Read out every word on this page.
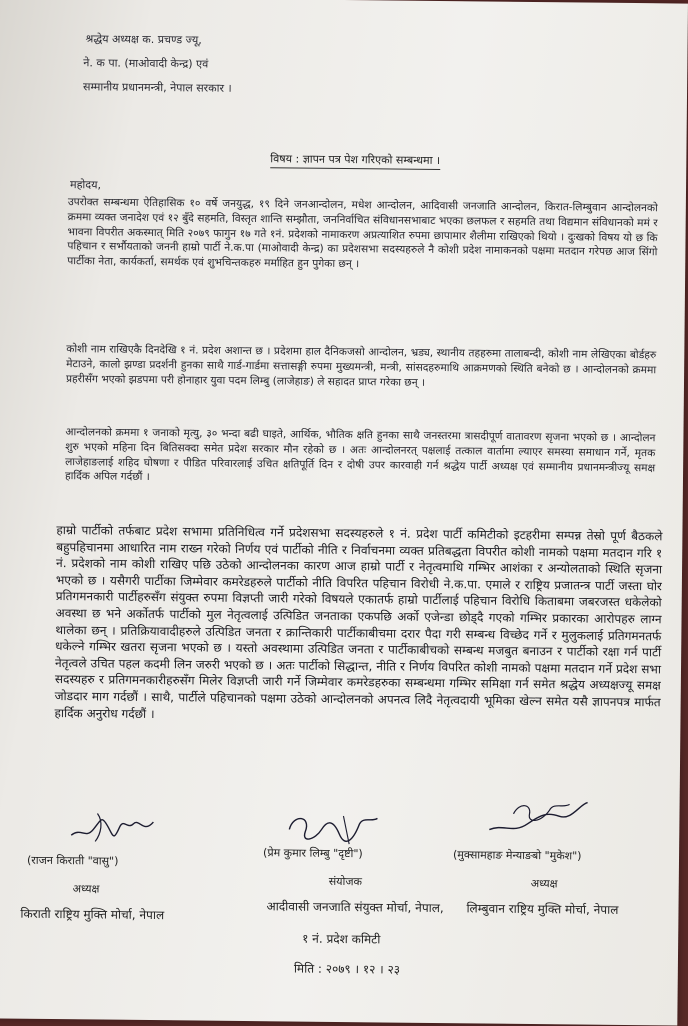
श्रद्धेय अध्यक्ष क. प्रचण्ड ज्यू,
ने. क पा. (माओवादी केन्द्र) एवं
सम्मानीय प्रधानमन्त्री, नेपाल सरकार ।
विषय : ज्ञापन पत्र पेश गरिएको सम्बन्धमा ।
महोदय,
उपरोक्त सम्बन्धमा ऐतिहासिक १० वर्षे जनयुद्ध, १९ दिने जनआन्दोलन, मधेश आन्दोलन, आदिवासी जनजाति आन्दोलन, किरात-लिम्बुवान आन्दोलनको क्रममा व्यक्त जनादेश एवं १२ बुँदे सहमति, विस्तृत शान्ति सम्झौता, जननिर्वाचित संविधानसभाबाट भएका छलफल र सहमति तथा विद्यमान संविधानको ममं र भावना विपरीत अकस्मात्‌ मिति २०७९ फागुन १७ गते १नं. प्रदेशको नामाकरण अप्रत्याशित रुपमा छापामार शैलीमा राखिएको थियो । दुःखको विषय यो छ कि पहिचान र सर्भौयताको जननी हाम्रो पार्टी ने.क.पा (माओवादी केन्द्र) का प्रदेशसभा सदस्यहरुले नै कोशी प्रदेश नामाकनको पक्षमा मतदान गरेपछ आज सिंगो पार्टीका नेता, कार्यकर्ता, समर्थक एवं शुभचिन्तकहरु मर्माहित हुन पुगेका छन् ।
कोशी नाम राखिएकै दिनदेखि १ नं. प्रदेश अशान्त छ । प्रदेशमा हाल दैनिकजसो आन्दोलन, भ्रड्य, स्थानीय तहहरुमा तालाबन्दी, कोशी नाम लेखिएका बोर्डहरु मेटाउने, कालो झण्डा प्रदर्शनी हुनका साथै गार्ड-गार्डमा सत्तासङ्गी रुपमा मुख्यमन्त्री, मन्त्री, सांसदहरुमाथि आक्रमणको स्थिति बनेको छ । आन्दोलनको क्रममा प्रहरीसँग भएको झडपमा परी होनाहार युवा पदम लिम्बु (लाजेहाङ) ले सहादत प्राप्त गरेका छन् ।
आन्दोलनको क्रममा १ जनाको मृत्यु, ३० भन्दा बढी घाइते, आर्थिक, भौतिक क्षति हुनका साथै जनस्तरमा त्रासदीपूर्ण वातावरण सृजना भएको छ । आन्दोलन शुरु भएको महिना दिन बितिसक्दा समेत प्रदेश सरकार मौन रहेको छ । अतः आन्दोलनरत् पक्षलाई तत्काल वार्तामा ल्याएर समस्या समाधान गर्ने, मृतक लाजेहाङलाई शहिद घोषणा र पीडित परिवारलाई उचित क्षतिपूर्ति दिन र दोषी उपर कारवाही गर्न श्रद्धेय पार्टी अध्यक्ष एवं सम्मानीय प्रधानमन्त्रीज्यू समक्ष हार्दिक अपिल गर्दछौं ।
हाम्रो पार्टीको तर्फबाट प्रदेश सभामा प्रतिनिधित्व गर्ने प्रदेशसभा सदस्यहरुले १ नं. प्रदेश पार्टी कमिटीको इटहरीमा सम्पन्न तेस्रो पूर्ण बैठकले बहुपहिचानमा आधारित नाम राख्न गरेको निर्णय एवं पार्टीको नीति र निर्वाचनमा व्यक्त प्रतिबद्धता विपरीत कोशी नामको पक्षमा मतदान गरि १ नं. प्रदेशको नाम कोशी राखिए पछि उठेको आन्दोलनका कारण आज हाम्रो पार्टी र नेतृत्वमाथि गम्भिर आशंका र अन्योलताको स्थिति सृजना भएको छ । यसैगरी पार्टीका जिम्मेवार कमरेडहरुले पार्टीको नीति विपरित पहिचान विरोधी ने.क.पा. एमाले र राष्ट्रिय प्रजातन्त्र पार्टी जस्ता घोर प्रतिगमनकारी पार्टीहरुसँग संयुक्त रुपमा विज्ञप्ती जारी गरेको विषयले एकातर्फ हाम्रो पार्टीलाई पहिचान विरोधि किताबमा जबरजस्त धकेलेको अवस्था छ भने अर्कोतर्फ पार्टीको मुल नेतृत्वलाई उत्पिडित जनताका एकपछि अर्को एजेन्डा छोड्दै गएको गम्भिर प्रकारका आरोपहरु लाग्न थालेका छन् । प्रतिक्रियावादीहरुले उत्पिडित जनता र क्रान्तिकारी पार्टीकाबीचमा दरार पैदा गरी सम्बन्ध विच्छेद गर्ने र मुलुकलाई प्रतिगमनतर्फ धकेल्ने गम्भिर खतरा सृजना भएको छ । यस्तो अवस्थामा उत्पिडित जनता र पार्टीकाबीचको सम्बन्ध मजबुत बनाउन र पार्टीको रक्षा गर्न पार्टी नेतृत्वले उचित पहल कदमी लिन जरुरी भएको छ । अतः पार्टीको सिद्धान्त, नीति र निर्णय विपरित कोशी नामको पक्षमा मतदान गर्ने प्रदेश सभा सदस्यहरु र प्रतिगमनकारीहरुसँग मिलेर विज्ञप्ती जारी गर्ने जिम्मेवार कमरेडहरुका सम्बन्धमा गम्भिर समिक्षा गर्न समेत श्रद्धेय अध्यक्षज्यू समक्ष जोडदार माग गर्दछौं । साथै, पार्टीले पहिचानको पक्षमा उठेको आन्दोलनको अपनत्व लिदै नेतृत्वदायी भूमिका खेल्न समेत यसै ज्ञापनपत्र मार्फत हार्दिक अनुरोध गर्दछौं ।
(राजन किराती "वासु")
(प्रेम कुमार लिम्बु "दृष्टी")	(मुक्सामहाङ मेन्याङबो "मुकेश")
अध्यक्ष
संयोजक	अध्यक्ष
किराती राष्ट्रिय मुक्ति मोर्चा, नेपाल	आदीवासी जनजाति संयुक्त मोर्चा, नेपाल, लिम्बुवान राष्ट्रिय मुक्ति मोर्चा, नेपाल
१ नं. प्रदेश कमिटी
मिति : २०७९ । १२ । २३
